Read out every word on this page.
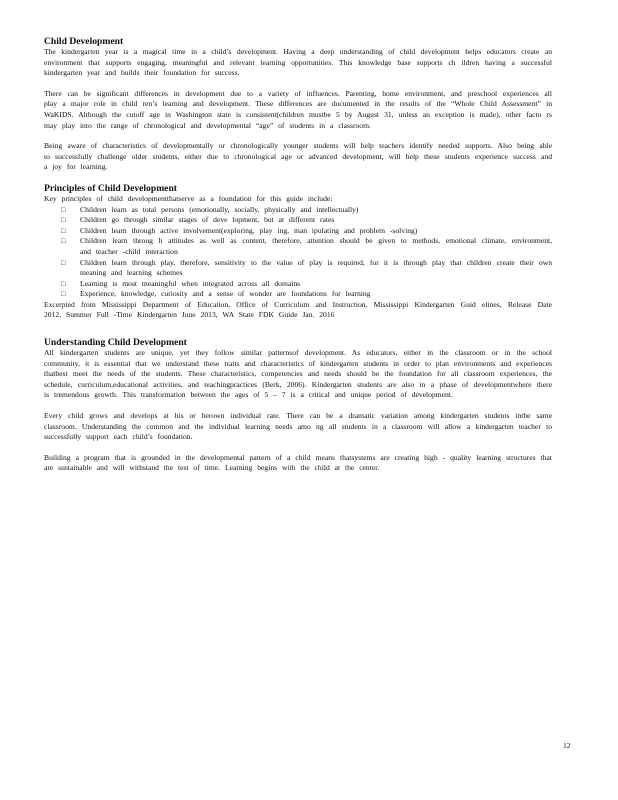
Child Development

The kindergarten year is a magical time in a child’s development. Having a deep understanding of child development helps educators create an environment that supports engaging, meaningful and relevant learning opportunities. This knowledge base supports ch ildren having a successful kindergarten year and builds their foundation for success.

There can be significant differences in development due to a variety of influences. Parenting, home environment, and preschool experiences all play a major role in child ren’s learning and development. These differences are documented in the results of the “Whole Child Assessment” in WaKIDS. Although the cutoff age in Washington state is consistent(children mustbe 5 by August 31, unless an exception is made), other facto rs may play into the range of chronological and developmental “age” of students in a classroom.

Being aware of characteristics of developmentally or chronologically younger students will help teachers identify needed supports. Also being able to successfully challenge older students, either due to chronological age or advanced development, will help these students experience success and a joy for learning.

Principles of Child Development

Key principles of child developmentthatserve as a foundation for this guide include:

□ Children learn as total persons (emotionally, socially, physically and intellectually)
□ Children go through similar stages of deve lopment, but at different rates
□ Children learn through active involvement(exploring, play ing, man ipulating and problem -solving)
□ Children learn throug h attitudes as well as content, therefore, attention should be given to methods, emotional climate, environment, and teacher -child interaction
□ Children learn through play, therefore, sensitivity to the value of play is required, for it is through play that children create their own meaning and learning schemes
□ Learning is most meaningful when integrated across all domains
□ Experience, knowledge, curiosity and a sense of wonder are foundations for learning

Excerpted from Mississippi Department of Education, Office of Curriculum and Instruction, Mississippi Kindergarten Guid elines, Release Date 2012, Summer Full -Time Kindergarten June 2013, WA State FDK Guide Jan. 2016

Understanding Child Development

All kindergarten students are unique, yet they follow similar patternsof development. As educators, either in the classroom or in the school community, it is essential that we understand these traits and characteristics of kindergarten students in order to plan environments and experiences thatbest meet the needs of the students. These characteristics, competencies and needs should be the foundation for all classroom experiences, the schedule, curriculum,educational activities, and teachingpractices (Berk, 2006). Kindergarten students are also in a phase of developmentwhere there is tremendous growth. This transformation between the ages of 5 – 7 is a critical and unique period of development.

Every child grows and develops at his or herown individual rate. There can be a dramatic variation among kindergarten students inthe same classroom. Understanding the common and the individual learning needs amo ng all students in a classroom will allow a kindergarten teacher to successfully support each child’s foundation.

Building a program that is grounded in the developmental pattern of a child means thatsystems are creating high - quality learning structures that are sustainable and will withstand the test of time. Learning begins with the child at the center.

12
